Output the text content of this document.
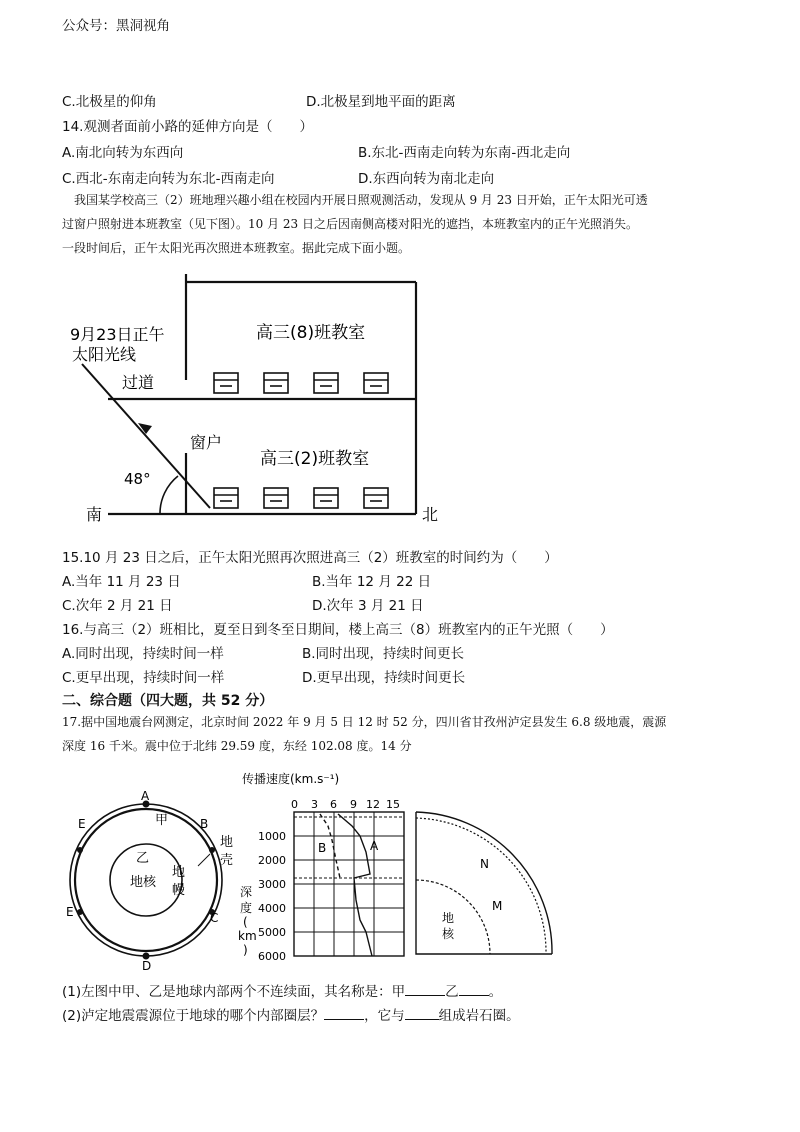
公众号：黑洞视角
C.北极星的仰角	D.北极星到地平面的距离
14.观测者面前小路的延伸方向是（　　）
A.南北向转为东西向	B.东北-西南走向转为东南-西北走向
C.西北-东南走向转为东北-西南走向	D.东西向转为南北走向
我国某学校高三（2）班地理兴趣小组在校园内开展日照观测活动，发现从 9 月 23 日开始，正午太阳光可透
过窗户照射进本班教室（见下图）。10 月 23 日之后因南侧高楼对阳光的遮挡，本班教室内的正午光照消失。
一段时间后，正午太阳光再次照进本班教室。据此完成下面小题。
9月23日正午
太阳光线
高三(8)班教室
过道
窗户
高三(2)班教室
48°
南	北
15.10 月 23 日之后，正午太阳光照再次照进高三（2）班教室的时间约为（　　）
A.当年 11 月 23 日	B.当年 12 月 22 日
C.次年 2 月 21 日	D.次年 3 月 21 日
16.与高三（2）班相比，夏至日到冬至日期间，楼上高三（8）班教室内的正午光照（　　）
A.同时出现，持续时间一样	B.同时出现，持续时间更长
C.更早出现，持续时间一样	D.更早出现，持续时间更长
二、综合题（四大题，共 52 分）
17.据中国地震台网测定，北京时间 2022 年 9 月 5 日 12 时 52 分，四川省甘孜州泸定县发生 6.8 级地震，震源
深度 16 千米。震中位于北纬 29.59 度，东经 102.08 度。14 分
A
B
C
D
E
E
甲
乙
地核
地
幔
地
壳
传播速度(km.s⁻¹)
0 3 6 9 12 15
1000
2000
3000
4000
5000
6000
深
度
(
km
)
A
B
N
M
地
核
(1)左图中甲、乙是地球内部两个不连续面，其名称是：甲	乙 。
(2)泸定地震震源位于地球的哪个内部圈层？	，它与	组成岩石圈。
